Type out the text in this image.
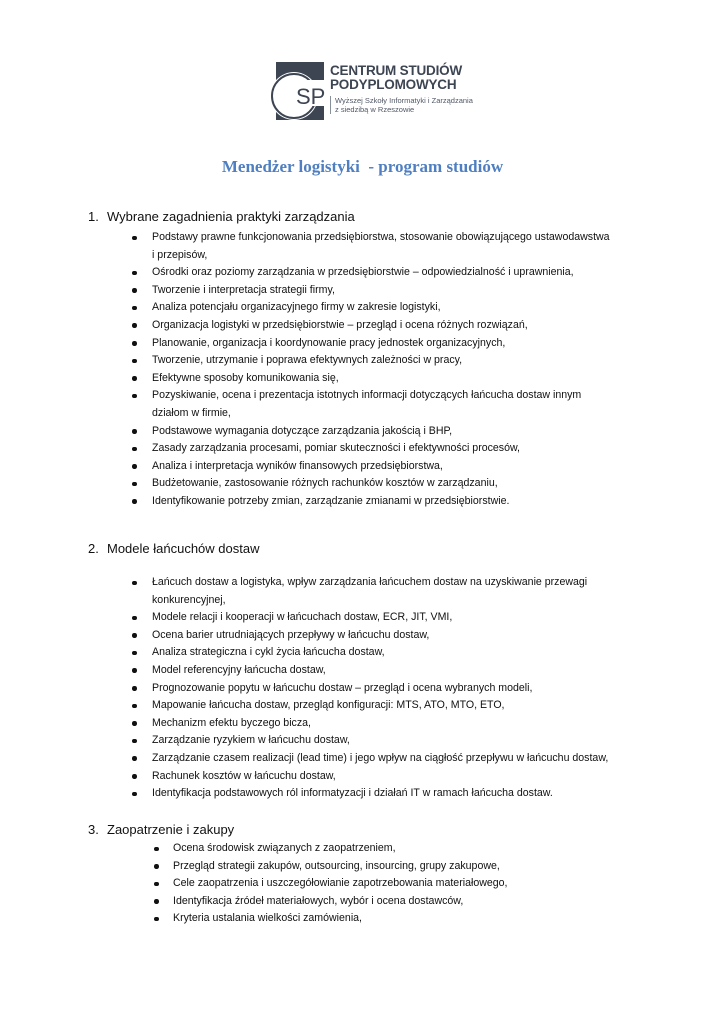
SP
CENTRUM STUDIÓW
PODYPLOMOWYCH
Wyższej Szkoły Informatyki i Zarządzania
z siedzibą w Rzeszowie
Menedżer logistyki  - program studiów
1. Wybrane zagadnienia praktyki zarządzania
Podstawy prawne funkcjonowania przedsiębiorstwa, stosowanie obowiązującego ustawodawstwa
i przepisów,
Ośrodki oraz poziomy zarządzania w przedsiębiorstwie – odpowiedzialność i uprawnienia,
Tworzenie i interpretacja strategii firmy,
Analiza potencjału organizacyjnego firmy w zakresie logistyki,
Organizacja logistyki w przedsiębiorstwie – przegląd i ocena różnych rozwiązań,
Planowanie, organizacja i koordynowanie pracy jednostek organizacyjnych,
Tworzenie, utrzymanie i poprawa efektywnych zależności w pracy,
Efektywne sposoby komunikowania się,
Pozyskiwanie, ocena i prezentacja istotnych informacji dotyczących łańcucha dostaw innym
działom w firmie,
Podstawowe wymagania dotyczące zarządzania jakością i BHP,
Zasady zarządzania procesami, pomiar skuteczności i efektywności procesów,
Analiza i interpretacja wyników finansowych przedsiębiorstwa,
Budżetowanie, zastosowanie różnych rachunków kosztów w zarządzaniu,
Identyfikowanie potrzeby zmian, zarządzanie zmianami w przedsiębiorstwie.
2. Modele łańcuchów dostaw
Łańcuch dostaw a logistyka, wpływ zarządzania łańcuchem dostaw na uzyskiwanie przewagi
konkurencyjnej,
Modele relacji i kooperacji w łańcuchach dostaw, ECR, JIT, VMI,
Ocena barier utrudniających przepływy w łańcuchu dostaw,
Analiza strategiczna i cykl życia łańcucha dostaw,
Model referencyjny łańcucha dostaw,
Prognozowanie popytu w łańcuchu dostaw – przegląd i ocena wybranych modeli,
Mapowanie łańcucha dostaw, przegląd konfiguracji: MTS, ATO, MTO, ETO,
Mechanizm efektu byczego bicza,
Zarządzanie ryzykiem w łańcuchu dostaw,
Zarządzanie czasem realizacji (lead time) i jego wpływ na ciągłość przepływu w łańcuchu dostaw,
Rachunek kosztów w łańcuchu dostaw,
Identyfikacja podstawowych ról informatyzacji i działań IT w ramach łańcucha dostaw.
3. Zaopatrzenie i zakupy
Ocena środowisk związanych z zaopatrzeniem,
Przegląd strategii zakupów, outsourcing, insourcing, grupy zakupowe,
Cele zaopatrzenia i uszczegółowianie zapotrzebowania materiałowego,
Identyfikacja źródeł materiałowych, wybór i ocena dostawców,
Kryteria ustalania wielkości zamówienia,
